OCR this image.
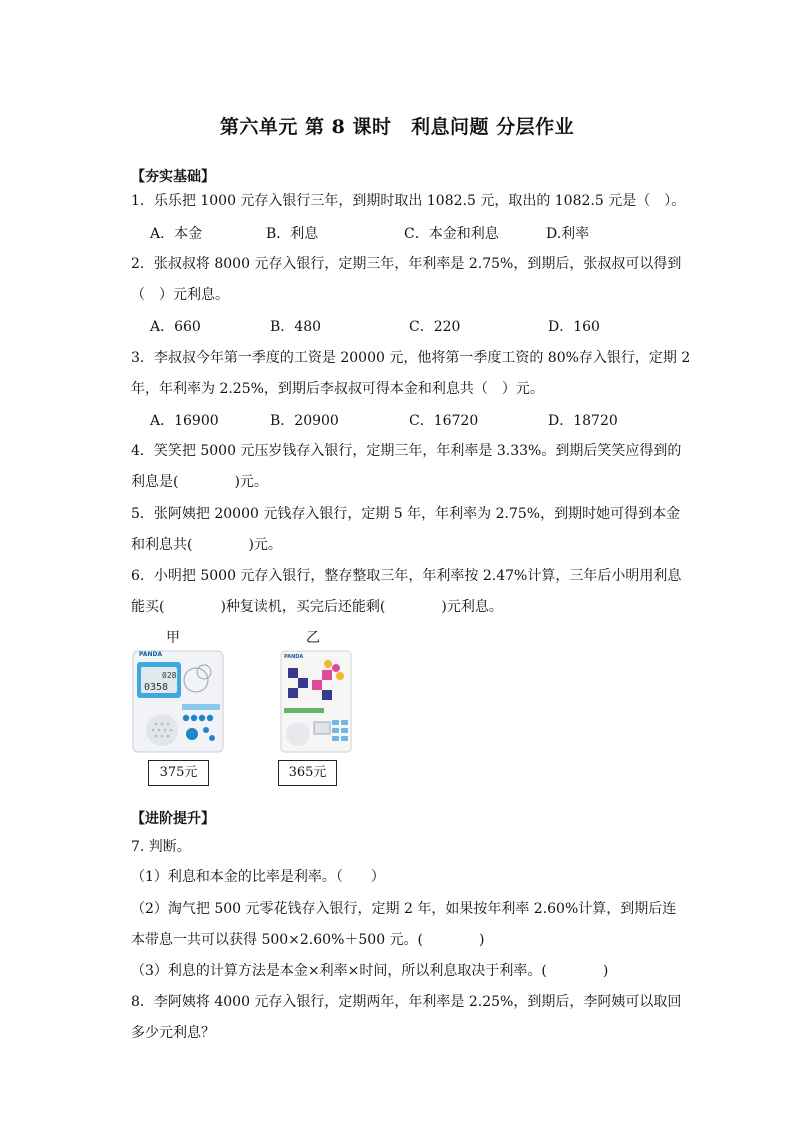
第六单元 第 8 课时　利息问题 分层作业
【夯实基础】
1．乐乐把 1000 元存入银行三年，到期时取出 1082.5 元，取出的 1082.5 元是（　）。
A．本金	B．利息	C．本金和利息	D.利率
2．张叔叔将 8000 元存入银行，定期三年，年利率是 2.75%，到期后，张叔叔可以得到
（　）元利息。
A．660	B．480	C．220	D．160
3．李叔叔今年第一季度的工资是 20000 元，他将第一季度工资的 80%存入银行，定期 2
年，年利率为 2.25%，到期后李叔叔可得本金和利息共（　）元。
A．16900	B．20900	C．16720	D．18720
4．笑笑把 5000 元压岁钱存入银行，定期三年，年利率是 3.33%。到期后笑笑应得到的
利息是(　　　　)元。
5．张阿姨把 20000 元钱存入银行，定期 5 年，年利率为 2.75%，到期时她可得到本金
和利息共(　　　　)元。
6．小明把 5000 元存入银行，整存整取三年，年利率按 2.47%计算，三年后小明用利息
能买(　　　　)种复读机，买完后还能剩(　　　　)元利息。
甲	乙
028
0358
PANDA	PANDA
375元	365元
【进阶提升】
7. 判断。
（1）利息和本金的比率是利率。（　　）
（2）淘气把 500 元零花钱存入银行，定期 2 年，如果按年利率 2.60%计算，到期后连
本带息一共可以获得 500×2.60%＋500 元。(　　　　)
（3）利息的计算方法是本金×利率×时间，所以利息取决于利率。(　　　　)
8．李阿姨将 4000 元存入银行，定期两年，年利率是 2.25%，到期后，李阿姨可以取回
多少元利息？
